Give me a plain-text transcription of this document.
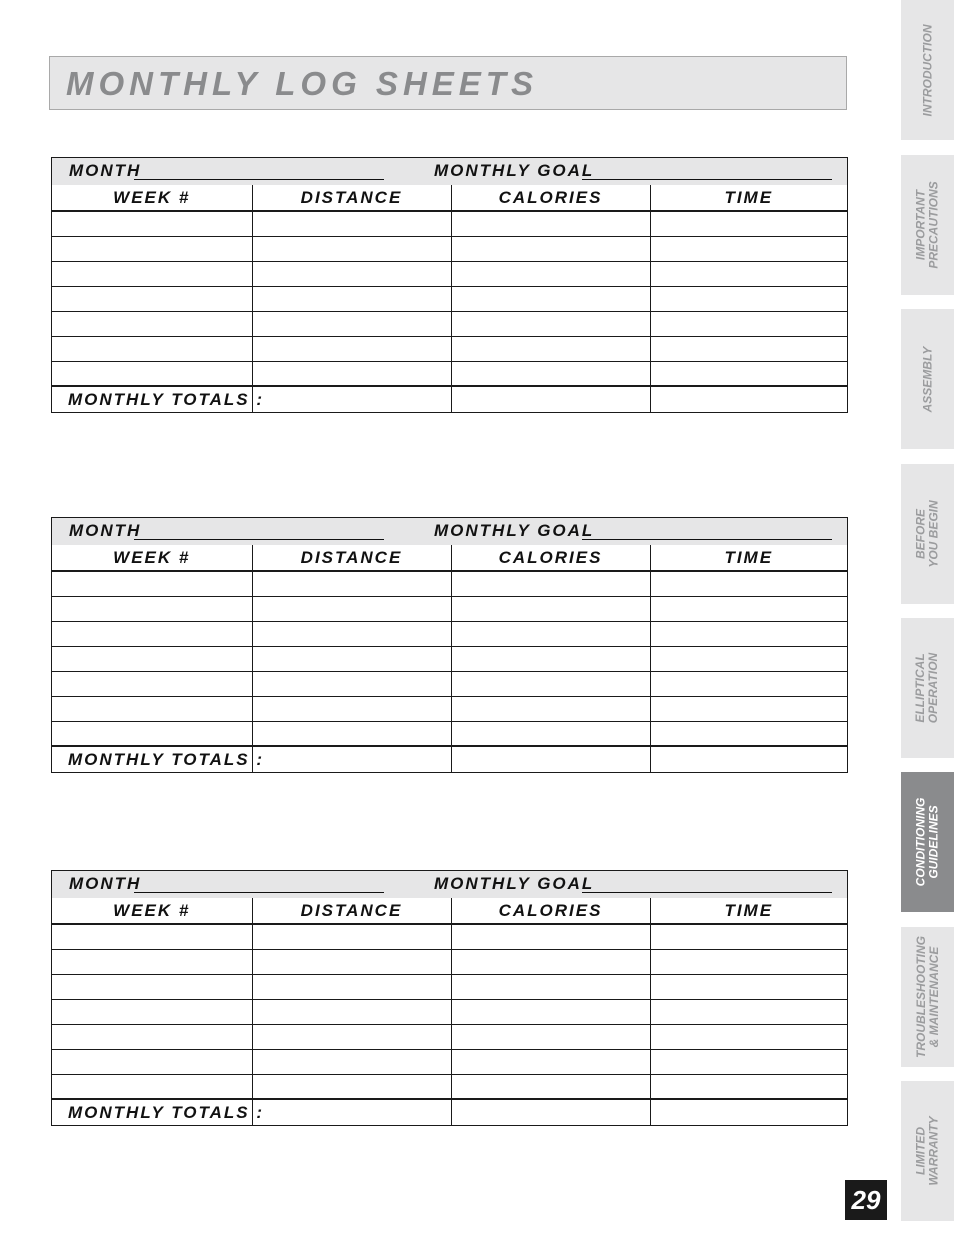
MONTHLY LOG SHEETS
MONTH	MONTHLY GOAL
WEEK #	DISTANCE	CALORIES	TIME

MONTHLY TOTALS :			
MONTH	MONTHLY GOAL
WEEK #	DISTANCE	CALORIES	TIME

MONTHLY TOTALS :			
MONTH	MONTHLY GOAL
WEEK #	DISTANCE	CALORIES	TIME

MONTHLY TOTALS :			
INTRODUCTION
IMPORTANT PRECAUTIONS
ASSEMBLY
BEFORE YOU BEGIN
ELLIPTICAL OPERATION
CONDITIONING GUIDELINES
TROUBLESHOOTING & MAINTENANCE
LIMITED WARRANTY
29
